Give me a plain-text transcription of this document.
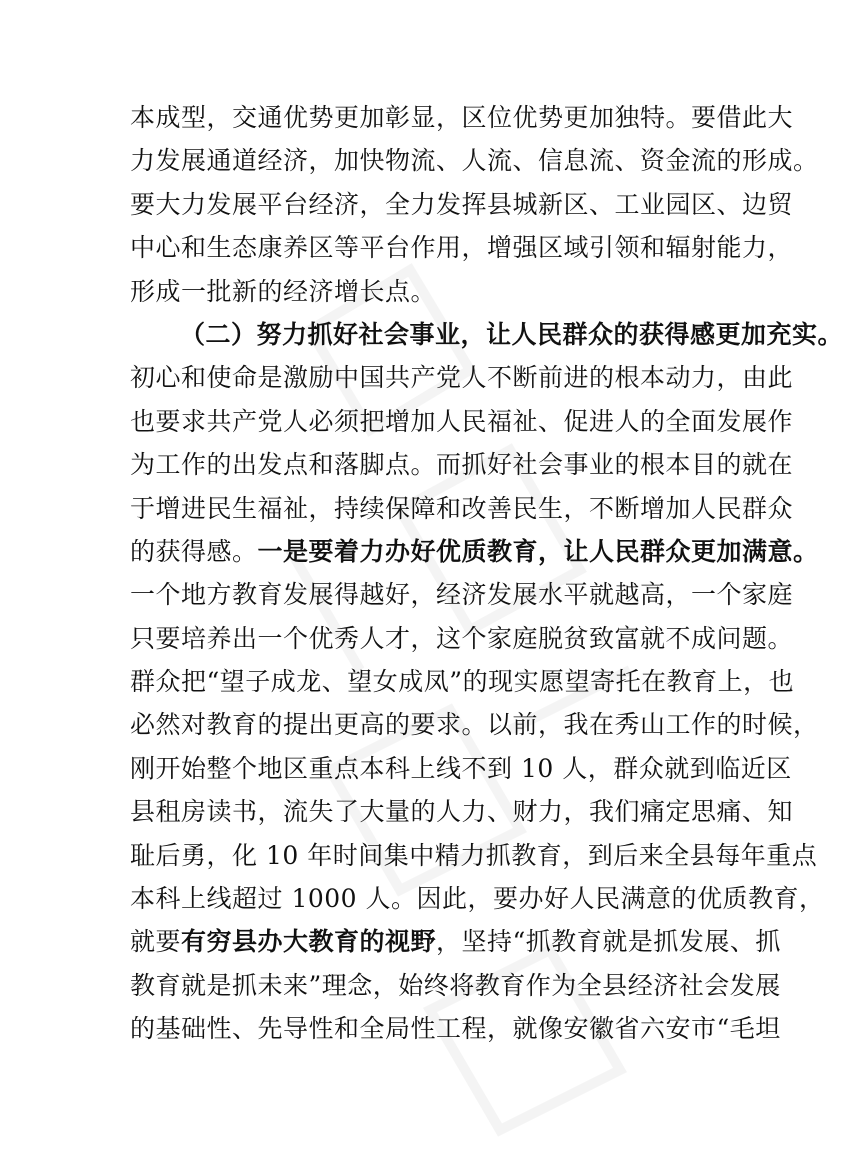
本成型，交通优势更加彰显，区位优势更加独特。要借此大
力发展通道经济，加快物流、人流、信息流、资金流的形成。
要大力发展平台经济，全力发挥县城新区、工业园区、边贸
中心和生态康养区等平台作用，增强区域引领和辐射能力，
形成一批新的经济增长点。
（二）努力抓好社会事业，让人民群众的获得感更加充实。
初心和使命是激励中国共产党人不断前进的根本动力，由此
也要求共产党人必须把增加人民福祉、促进人的全面发展作
为工作的出发点和落脚点。而抓好社会事业的根本目的就在
于增进民生福祉，持续保障和改善民生，不断增加人民群众
的获得感。一是要着力办好优质教育，让人民群众更加满意。
一个地方教育发展得越好，经济发展水平就越高，一个家庭
只要培养出一个优秀人才，这个家庭脱贫致富就不成问题。
群众把“望子成龙、望女成凤”的现实愿望寄托在教育上，也
必然对教育的提出更高的要求。以前，我在秀山工作的时候，
刚开始整个地区重点本科上线不到 10 人，群众就到临近区
县租房读书，流失了大量的人力、财力，我们痛定思痛、知
耻后勇，化 10 年时间集中精力抓教育，到后来全县每年重点
本科上线超过 1000 人。因此，要办好人民满意的优质教育，
就要有穷县办大教育的视野，坚持“抓教育就是抓发展、抓
教育就是抓未来”理念，始终将教育作为全县经济社会发展
的基础性、先导性和全局性工程，就像安徽省六安市“毛坦
